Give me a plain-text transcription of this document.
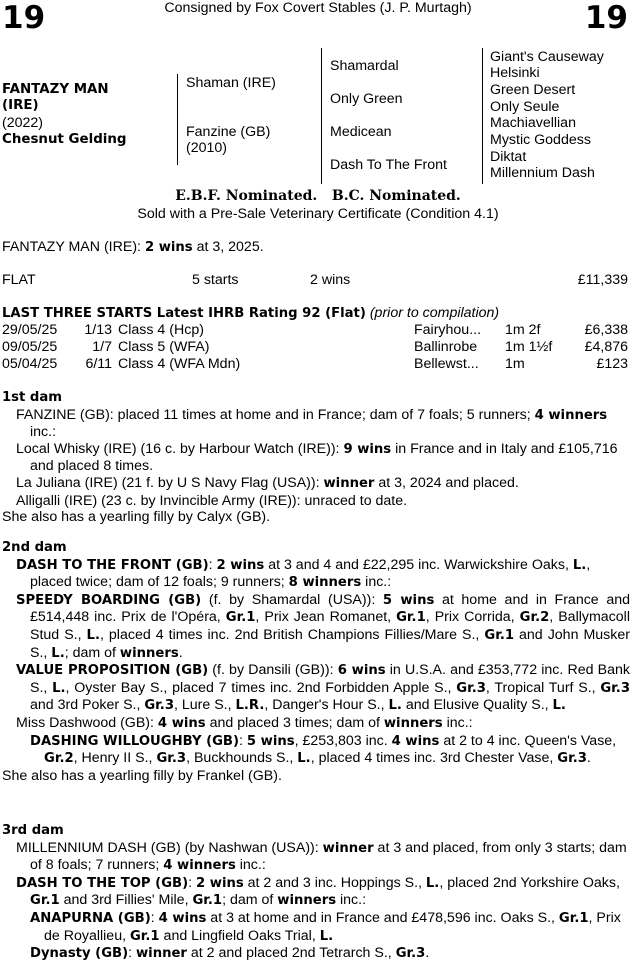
19	19
Consigned by Fox Covert Stables (J. P. Murtagh)
FANTAZY MAN
(IRE)
(2022)
Chesnut Gelding
Shaman (IRE)
Fanzine (GB)
(2010)
Shamardal
Only Green
Medicean
Dash To The Front
Giant's Causeway
Helsinki
Green Desert
Only Seule
Machiavellian
Mystic Goddess
Diktat
Millennium Dash
E.B.F. Nominated.   B.C. Nominated.
Sold with a Pre-Sale Veterinary Certificate (Condition 4.1)
FANTAZY MAN (IRE): 2 wins at 3, 2025.
FLAT	5 starts	2 wins	£11,339
LAST THREE STARTS Latest IHRB Rating 92 (Flat) (prior to compilation)
29/05/25	1/13 Class 4 (Hcp)	Fairyhou... 1m 2f	£6,338
09/05/25	1/7 Class 5 (WFA)	Ballinrobe 1m 1½f £4,876
05/04/25	6/11 Class 4 (WFA Mdn)	Bellewst... 1m	£123

1st dam

FANZINE (GB): placed 11 times at home and in France; dam of 7 foals; 5 runners; 4 winners inc.:

Local Whisky (IRE) (16 c. by Harbour Watch (IRE)): 9 wins in France and in Italy and £105,716 and placed 8 times.

La Juliana (IRE) (21 f. by U S Navy Flag (USA)): winner at 3, 2024 and placed.

Alligalli (IRE) (23 c. by Invincible Army (IRE)): unraced to date.

She also has a yearling filly by Calyx (GB).

2nd dam

DASH TO THE FRONT (GB): 2 wins at 3 and 4 and £22,295 inc. Warwickshire Oaks, L., placed twice; dam of 12 foals; 9 runners; 8 winners inc.:

SPEEDY BOARDING (GB) (f. by Shamardal (USA)): 5 wins at home and in France and £514,448 inc. Prix de l'Opéra, Gr.1, Prix Jean Romanet, Gr.1, Prix Corrida, Gr.2, Ballymacoll Stud S., L., placed 4 times inc. 2nd British Champions Fillies/Mare S., Gr.1 and John Musker S., L.; dam of winners.

VALUE PROPOSITION (GB) (f. by Dansili (GB)): 6 wins in U.S.A. and £353,772 inc. Red Bank S., L., Oyster Bay S., placed 7 times inc. 2nd Forbidden Apple S., Gr.3, Tropical Turf S., Gr.3 and 3rd Poker S., Gr.3, Lure S., L.R., Danger's Hour S., L. and Elusive Quality S., L.

Miss Dashwood (GB): 4 wins and placed 3 times; dam of winners inc.:

DASHING WILLOUGHBY (GB): 5 wins, £253,803 inc. 4 wins at 2 to 4 inc. Queen's Vase, Gr.2, Henry II S., Gr.3, Buckhounds S., L., placed 4 times inc. 3rd Chester Vase, Gr.3.

She also has a yearling filly by Frankel (GB).

3rd dam

MILLENNIUM DASH (GB) (by Nashwan (USA)): winner at 3 and placed, from only 3 starts; dam of 8 foals; 7 runners; 4 winners inc.:

DASH TO THE TOP (GB): 2 wins at 2 and 3 inc. Hoppings S., L., placed 2nd Yorkshire Oaks, Gr.1 and 3rd Fillies' Mile, Gr.1; dam of winners inc.:

ANAPURNA (GB): 4 wins at 3 at home and in France and £478,596 inc. Oaks S., Gr.1, Prix de Royallieu, Gr.1 and Lingfield Oaks Trial, L.

Dynasty (GB): winner at 2 and placed 2nd Tetrarch S., Gr.3.
